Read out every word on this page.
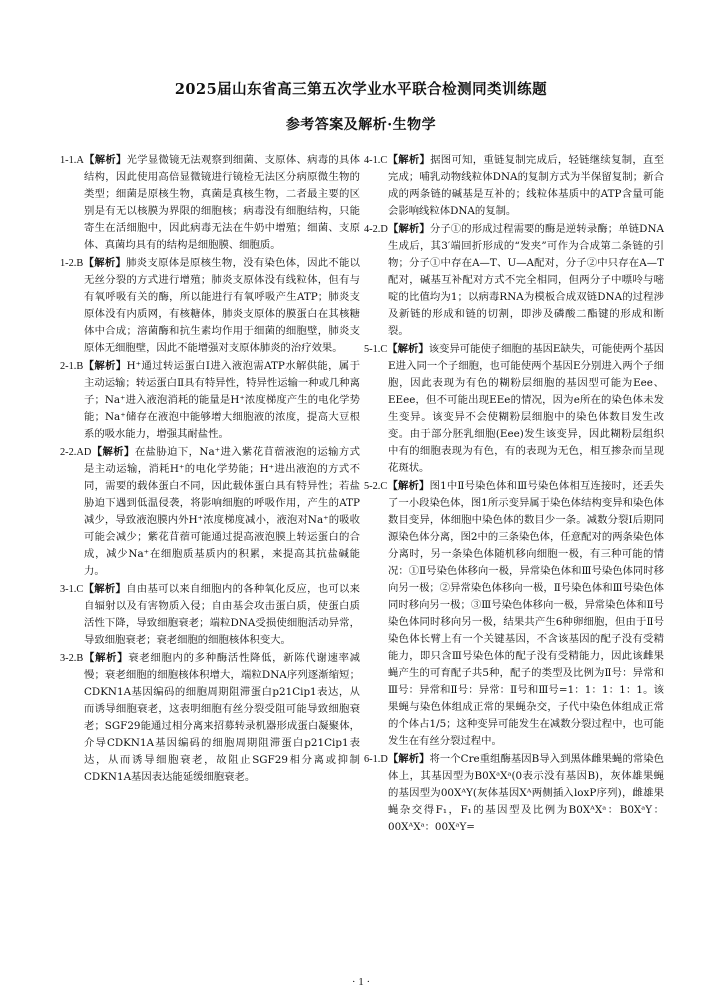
2025届山东省高三第五次学业水平联合检测同类训练题
参考答案及解析·生物学

1-1.A【解析】光学显微镜无法观察到细菌、支原体、病毒的具体结构，因此使用高倍显微镜进行镜检无法区分病原微生物的类型；细菌是原核生物，真菌是真核生物，二者最主要的区别是有无以核膜为界限的细胞核；病毒没有细胞结构，只能寄生在活细胞中，因此病毒无法在牛奶中增殖；细菌、支原体、真菌均具有的结构是细胞膜、细胞质。

1-2.B【解析】肺炎支原体是原核生物，没有染色体，因此不能以无丝分裂的方式进行增殖；肺炎支原体没有线粒体，但有与有氧呼吸有关的酶，所以能进行有氧呼吸产生ATP；肺炎支原体没有内质网，有核糖体，肺炎支原体的膜蛋白在其核糖体中合成；溶菌酶和抗生素均作用于细菌的细胞壁，肺炎支原体无细胞壁，因此不能增强对支原体肺炎的治疗效果。

2-1.B【解析】H⁺通过转运蛋白Ⅰ进入液泡需ATP水解供能，属于主动运输；转运蛋白Ⅱ具有特异性，特异性运输一种或几种离子；Na⁺进入液泡消耗的能量是H⁺浓度梯度产生的电化学势能；Na⁺储存在液泡中能够增大细胞液的浓度，提高大豆根系的吸水能力，增强其耐盐性。

2-2.AD【解析】在盐胁迫下，Na⁺进入紫花苜蓿液泡的运输方式是主动运输，消耗H⁺的电化学势能；H⁺进出液泡的方式不同，需要的载体蛋白不同，因此载体蛋白具有特异性；若盐胁迫下遇到低温侵袭，将影响细胞的呼吸作用，产生的ATP减少，导致液泡膜内外H⁺浓度梯度减小，液泡对Na⁺的吸收可能会减少；紫花苜蓿可能通过提高液泡膜上转运蛋白的合成，减少Na⁺在细胞质基质内的积累，来提高其抗盐碱能力。

3-1.C【解析】自由基可以来自细胞内的各种氧化反应，也可以来自辐射以及有害物质入侵；自由基会攻击蛋白质，使蛋白质活性下降，导致细胞衰老；端粒DNA受损使细胞活动异常，导致细胞衰老；衰老细胞的细胞核体积变大。

3-2.B【解析】衰老细胞内的多种酶活性降低，新陈代谢速率减慢；衰老细胞的细胞核体积增大，端粒DNA序列逐渐缩短；CDKN1A基因编码的细胞周期阻滞蛋白p21Cip1表达，从而诱导细胞衰老，这表明细胞有丝分裂受阻可能导致细胞衰老；SGF29能通过相分离来招募转录机器形成蛋白凝聚体，介导CDKN1A基因编码的细胞周期阻滞蛋白p21Cip1表达，从而诱导细胞衰老，故阻止SGF29相分离或抑制CDKN1A基因表达能延缓细胞衰老。

4-1.C【解析】据图可知，重链复制完成后，轻链继续复制，直至完成；哺乳动物线粒体DNA的复制方式为半保留复制；新合成的两条链的碱基是互补的；线粒体基质中的ATP含量可能会影响线粒体DNA的复制。

4-2.D【解析】分子①的形成过程需要的酶是逆转录酶；单链DNA生成后，其3′端回折形成的“发夹”可作为合成第二条链的引物；分子①中存在A—T、U—A配对，分子②中只存在A—T配对，碱基互补配对方式不完全相同，但两分子中嘌呤与嘧啶的比值均为1；以病毒RNA为模板合成双链DNA的过程涉及新链的形成和链的切割，即涉及磷酸二酯键的形成和断裂。

5-1.C【解析】该变异可能使子细胞的基因E缺失，可能使两个基因E进入同一个子细胞，也可能使两个基因E分别进入两个子细胞，因此表现为有色的糊粉层细胞的基因型可能为Eee、EEee，但不可能出现EEe的情况，因为e所在的染色体未发生变异。该变异不会使糊粉层细胞中的染色体数目发生改变。由于部分胚乳细胞(Eee)发生该变异，因此糊粉层组织中有的细胞表现为有色，有的表现为无色，相互掺杂而呈现花斑状。

5-2.C【解析】图1中Ⅱ号染色体和Ⅲ号染色体相互连接时，还丢失了一小段染色体，图1所示变异属于染色体结构变异和染色体数目变异，体细胞中染色体的数目少一条。减数分裂Ⅰ后期同源染色体分离，图2中的三条染色体，任意配对的两条染色体分离时，另一条染色体随机移向细胞一极，有三种可能的情况：①Ⅱ号染色体移向一极，异常染色体和Ⅲ号染色体同时移向另一极；②异常染色体移向一极，Ⅱ号染色体和Ⅲ号染色体同时移向另一极；③Ⅲ号染色体移向一极，异常染色体和Ⅱ号染色体同时移向另一极，结果共产生6种卵细胞，但由于Ⅱ号染色体长臂上有一个关键基因，不含该基因的配子没有受精能力，即只含Ⅲ号染色体的配子没有受精能力，因此该雌果蝇产生的可育配子共5种，配子的类型及比例为Ⅱ号：异常和Ⅲ号：异常和Ⅱ号：异常：Ⅱ号和Ⅲ号=1：1：1：1：1。该果蝇与染色体组成正常的果蝇杂交，子代中染色体组成正常的个体占1/5；这种变异可能发生在减数分裂过程中，也可能发生在有丝分裂过程中。

6-1.D【解析】将一个Cre重组酶基因B导入到黑体雌果蝇的常染色体上，其基因型为B0XᵃXᵃ(0表示没有基因B)，灰体雄果蝇的基因型为00XᴬY(灰体基因Xᴬ两侧插入loxP序列)，雌雄果蝇杂交得F₁，F₁的基因型及比例为B0XᴬXᵃ：B0XᵃY：00XᴬXᵃ：00XᵃY=

· 1 ·
